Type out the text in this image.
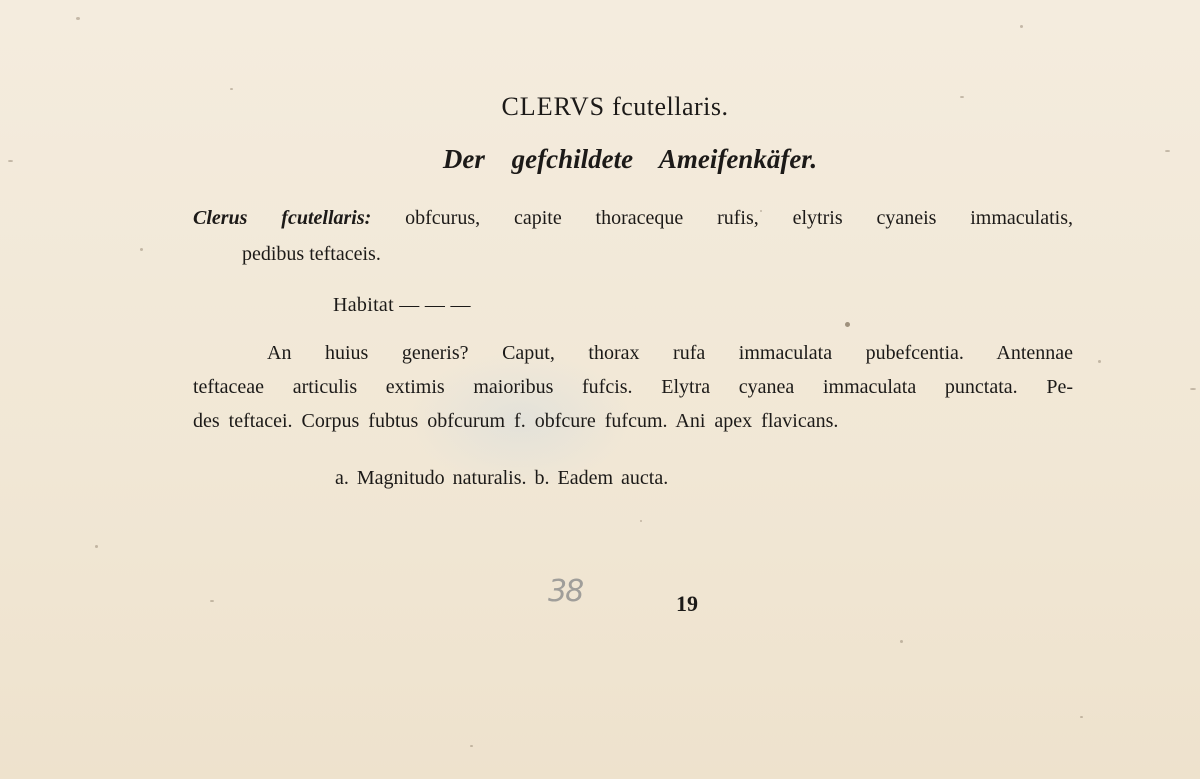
CLERVS fcutellaris.
Der gefchildete Ameifenkäfer.
Clerus fcutellaris: obfcurus, capite thoraceque rufis, elytris cyaneis immaculatis,
pedibus teftaceis.
Habitat — — —
An huius generis? Caput, thorax rufa immaculata pubefcentia. Antennae
teftaceae articulis extimis maioribus fufcis. Elytra cyanea immaculata punctata. Pe-
des teftacei. Corpus fubtus obfcurum f. obfcure fufcum. Ani apex flavicans.
a. Magnitudo naturalis. b. Eadem aucta.
38	19
